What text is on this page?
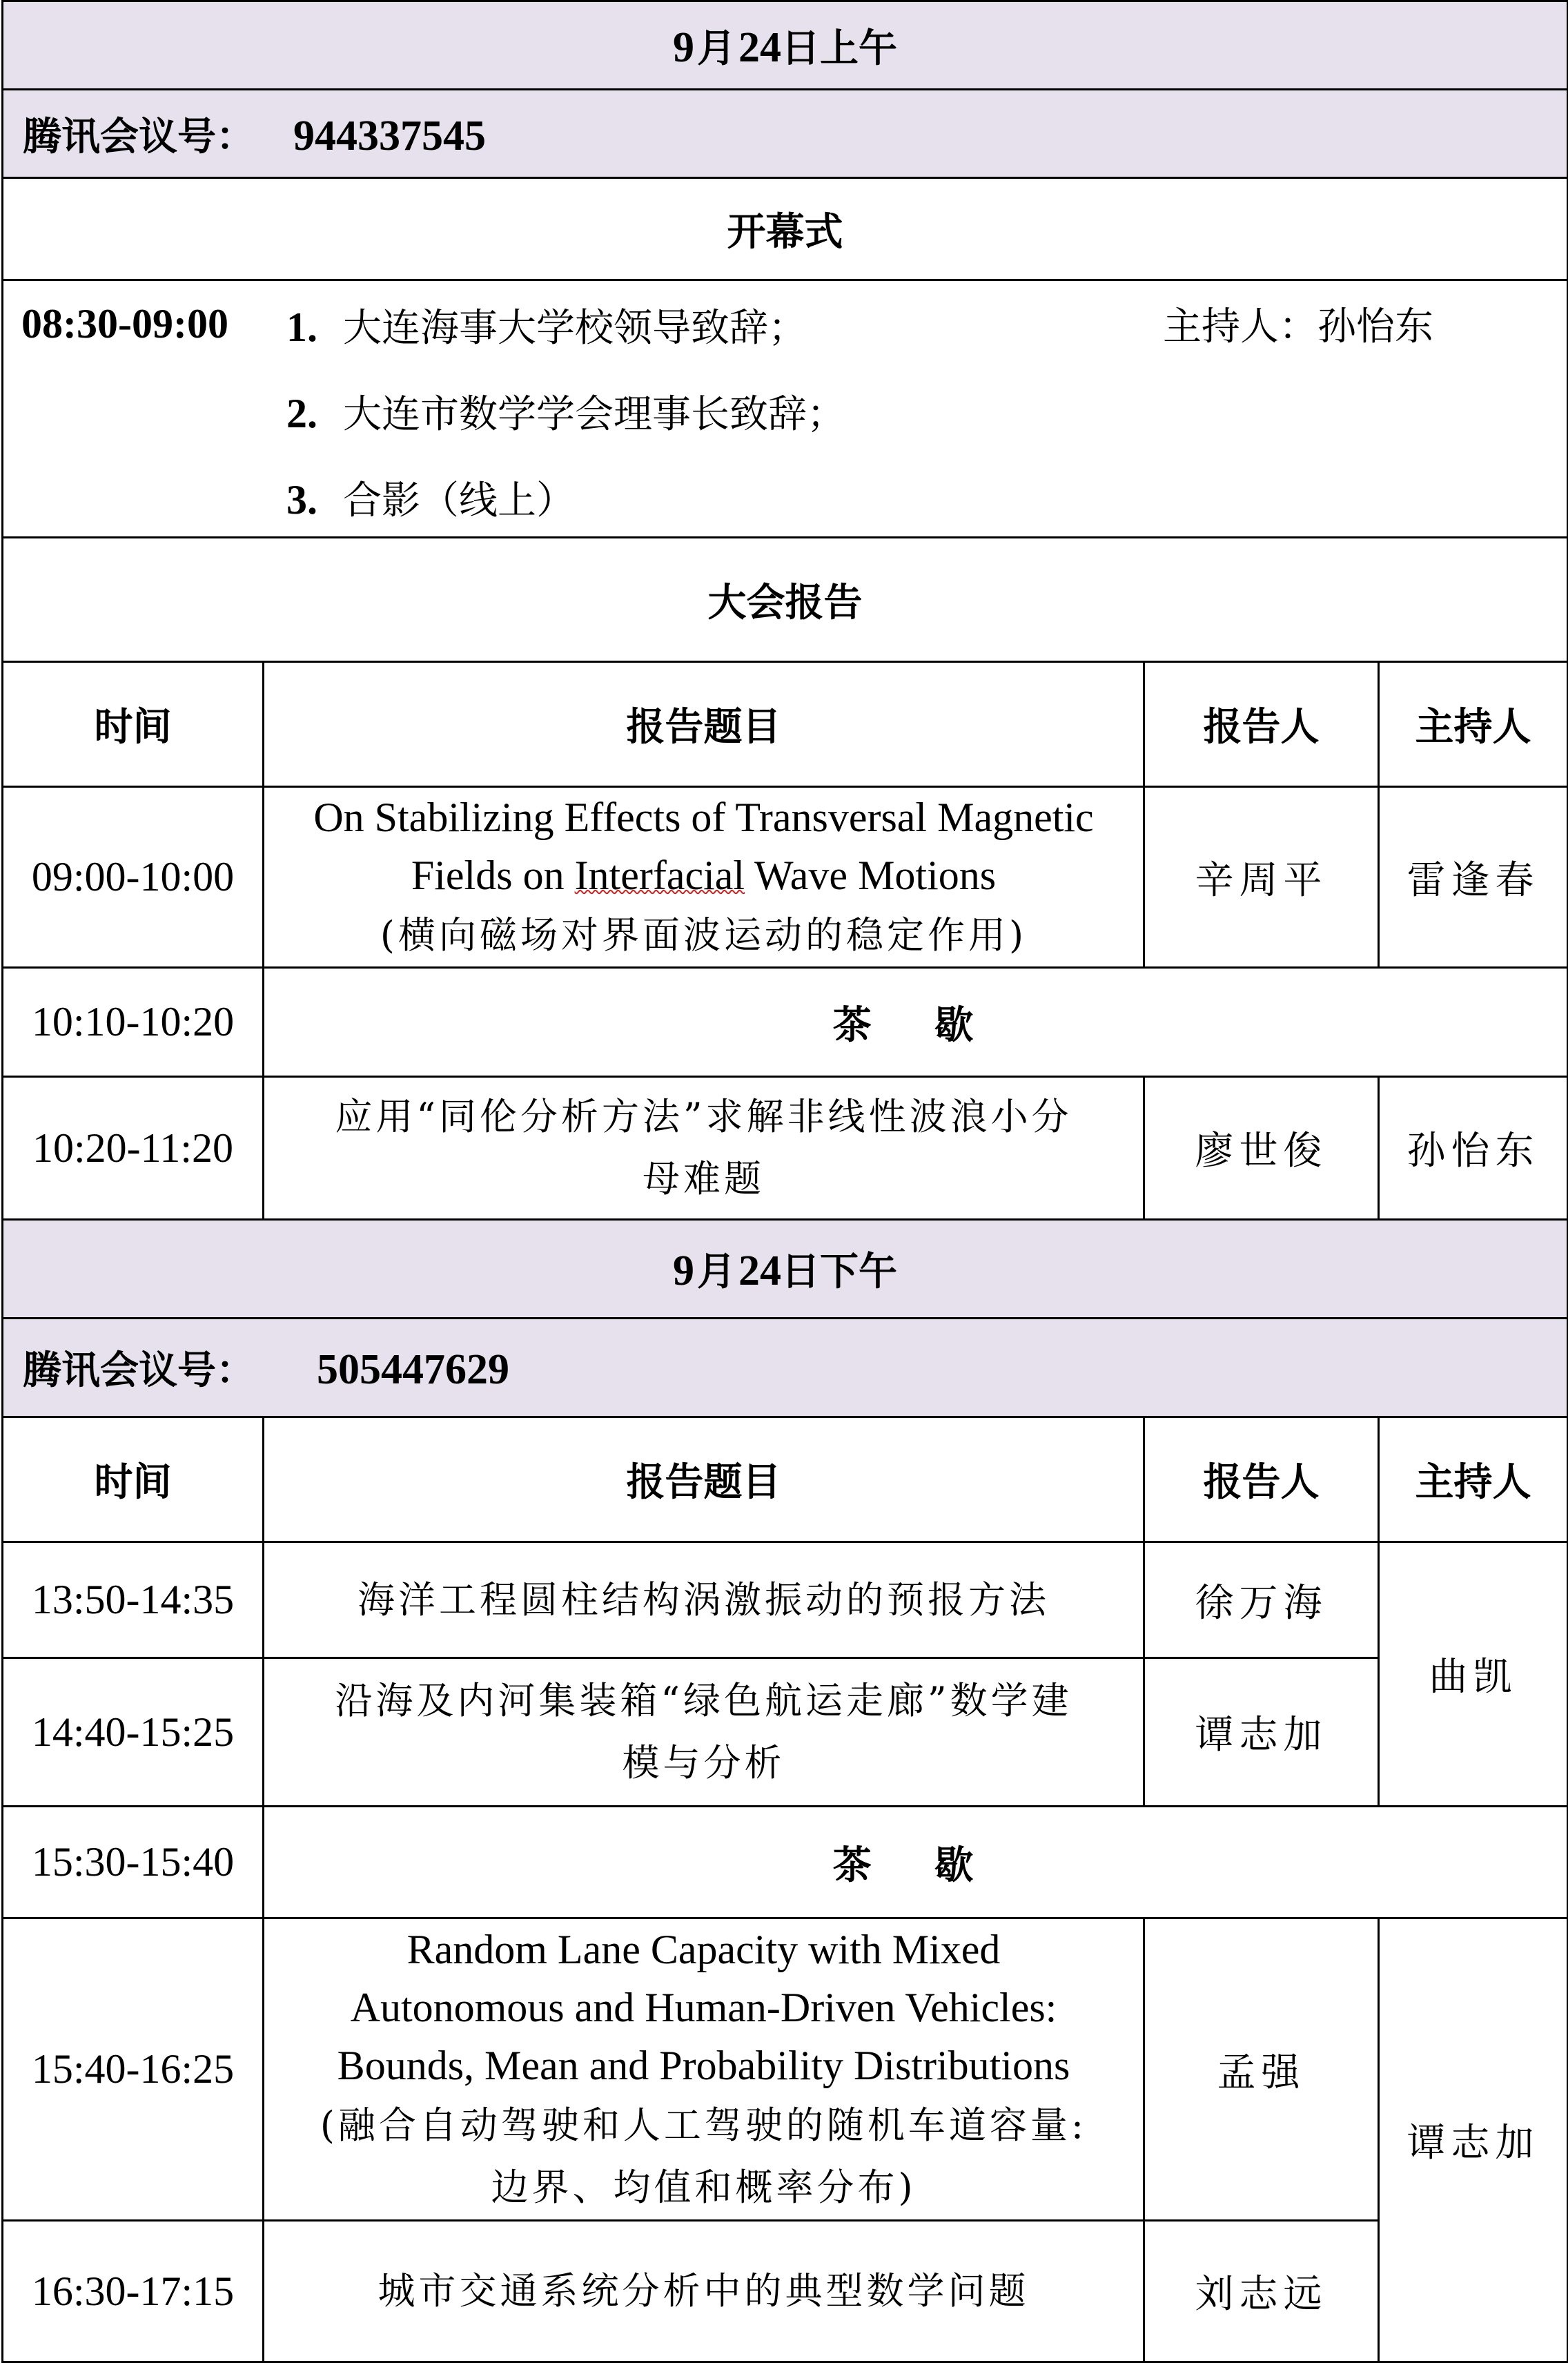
9 月 24日上午			
腾讯会议号： 944337545			
开幕式			

08:30-09:00 1. 大连海事大学校领导致辞；
2. 大连市数学学会理事长致辞；
3. 合影（线上）
主持人：孙怡东			

大会报告			
时间	报告题目	报告人	主持人
09:00-10:00	On Stabilizing Effects of Transversal Magnetic
Fields on Interfacial Wave Motions
(横向磁场对界面波运动的稳定作用)	辛周平	雷逢春
10:10-10:20	茶 歇		
10:20-11:20	应用“同伦分析方法”求解非线性波浪小分
母难题	廖世俊	孙怡东
9 月 24日下午			
腾讯会议号： 505447629			
时间	报告题目	报告人	主持人
13:50-14:35	海洋工程圆柱结构涡激振动的预报方法	徐万海	曲凯
14:40-15:25	沿海及内河集装箱“绿色航运走廊”数学建
模与分析	谭志加	
15:30-15:40	茶 歇		
15:40-16:25	Random Lane Capacity with Mixed
Autonomous and Human-Driven Vehicles:
Bounds, Mean and Probability Distributions
(融合自动驾驶和人工驾驶的随机车道容量:
边界、均值和概率分布)	孟强	谭志加
16:30-17:15	城市交通系统分析中的典型数学问题	刘志远	
